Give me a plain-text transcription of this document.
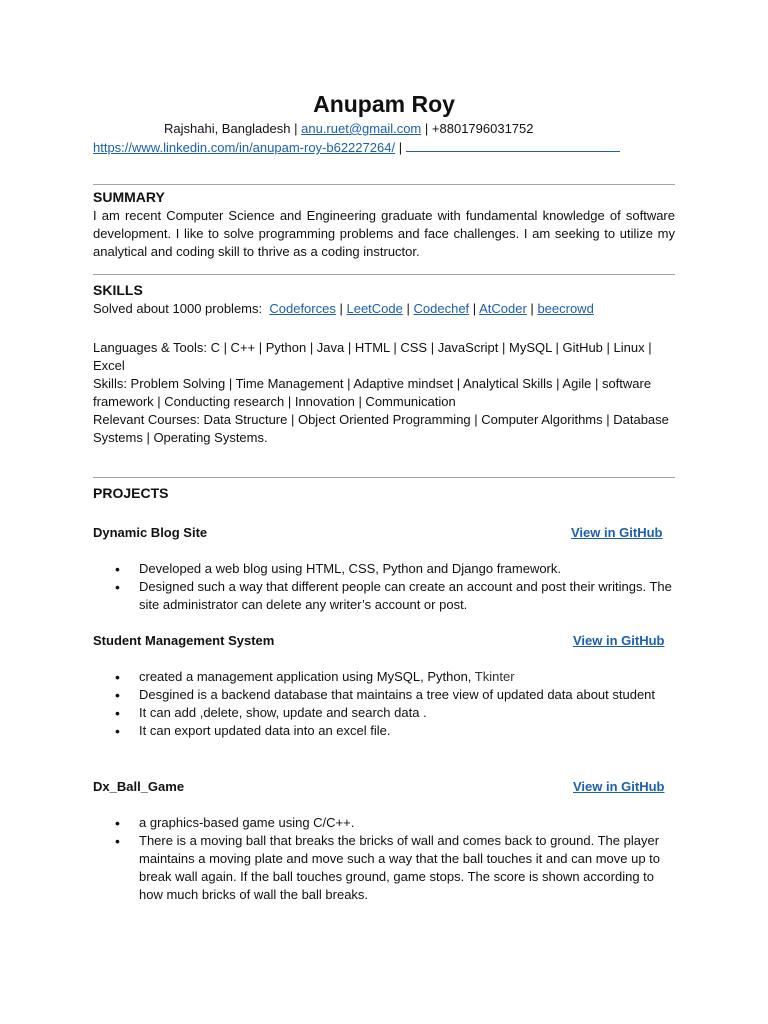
Anupam Roy
Rajshahi, Bangladesh | anu.ruet@gmail.com | +8801796031752
https://www.linkedin.com/in/anupam-roy-b62227264/ |
SUMMARY
I am recent Computer Science and Engineering graduate with fundamental knowledge of software development. I like to solve programming problems and face challenges. I am seeking to utilize my analytical and coding skill to thrive as a coding instructor.
SKILLS
Solved about 1000 problems: Codeforces | LeetCode | Codechef | AtCoder | beecrowd
Languages & Tools: C | C++ | Python | Java | HTML | CSS | JavaScript | MySQL | GitHub | Linux | Excel
Skills: Problem Solving | Time Management | Adaptive mindset | Analytical Skills | Agile | software framework | Conducting research | Innovation | Communication
Relevant Courses: Data Structure | Object Oriented Programming | Computer Algorithms | Database Systems | Operating Systems.
PROJECTS
Dynamic Blog Site	View in GitHub
• Developed a web blog using HTML, CSS, Python and Django framework.
• Designed such a way that different people can create an account and post their writings. The site administrator can delete any writer’s account or post.
Student Management System	View in GitHub
• created a management application using MySQL, Python, Tkinter
• Desgined is a backend database that maintains a tree view of updated data about student
• It can add ,delete, show, update and search data .
• It can export updated data into an excel file.
Dx_Ball_Game	View in GitHub
• a graphics-based game using C/C++.
• There is a moving ball that breaks the bricks of wall and comes back to ground. The player maintains a moving plate and move such a way that the ball touches it and can move up to break wall again. If the ball touches ground, game stops. The score is shown according to how much bricks of wall the ball breaks.
